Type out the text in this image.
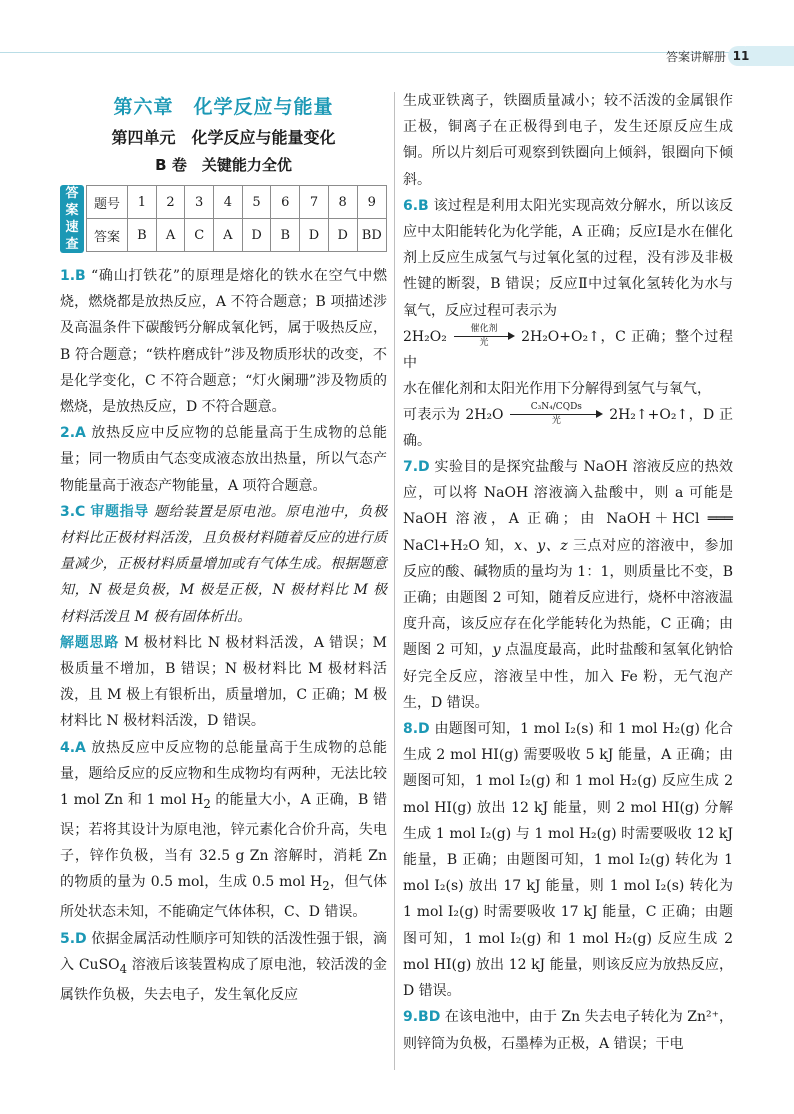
答案讲解册 11
第六章　化学反应与能量
第四单元　化学反应与能量变化
B 卷　关键能力全优
答案速查
题号	1	2	3	4	5	6	7	8	9
答案	B	A	C	A	D	B	D	D	BD

1.B “确山打铁花”的原理是熔化的铁水在空气中燃烧，燃烧都是放热反应，A 不符合题意；B 项描述涉及高温条件下碳酸钙分解成氧化钙，属于吸热反应，B 符合题意；“铁杵磨成针”涉及物质形状的改变，不是化学变化，C 不符合题意；“灯火阑珊”涉及物质的燃烧，是放热反应，D 不符合题意。

2.A 放热反应中反应物的总能量高于生成物的总能量；同一物质由气态变成液态放出热量，所以气态产物能量高于液态产物能量，A 项符合题意。

3.C 审题指导 题给装置是原电池。原电池中，负极材料比正极材料活泼，且负极材料随着反应的进行质量减少，正极材料质量增加或有气体生成。根据题意知，N 极是负极，M 极是正极，N 极材料比 M 极材料活泼且 M 极有固体析出。

解题思路 M 极材料比 N 极材料活泼，A 错误；M 极质量不增加，B 错误；N 极材料比 M 极材料活泼，且 M 极上有银析出，质量增加，C 正确；M 极材料比 N 极材料活泼，D 错误。

4.A 放热反应中反应物的总能量高于生成物的总能量，题给反应的反应物和生成物均有两种，无法比较 1 mol Zn 和 1 mol $H_2$ 的能量大小，A 正确，B 错误；若将其设计为原电池，锌元素化合价升高，失电子，锌作负极，当有 32.5 g Zn 溶解时，消耗 Zn 的物质的量为 0.5 mol，生成 0.5 mol $H_2$，但气体所处状态未知，不能确定气体体积，C、D 错误。

5.D 依据金属活动性顺序可知铁的活泼性强于银，滴入 CuSO$_4$ 溶液后该装置构成了原电池，较活泼的金属铁作负极，失去电子，发生氧化反应

生成亚铁离子，铁圈质量减小；较不活泼的金属银作正极，铜离子在正极得到电子，发生还原反应生成铜。所以片刻后可观察到铁圈向上倾斜，银圈向下倾斜。

6.B 该过程是利用太阳光实现高效分解水，所以该反应中太阳能转化为化学能，A 正确；反应Ⅰ是水在催化剂上反应生成氢气与过氧化氢的过程，没有涉及非极性键的断裂，B 错误；反应Ⅱ中过氧化氢转化为水与氧气，反应过程可表示为

2H₂O₂	催化剂
光	2H₂O+O₂↑，C 正确；整个过程中

水在催化剂和太阳光作用下分解得到氢气与氧气，

可表示为 2H₂O	C₃N₄/CQDs
光	2H₂↑+O₂↑，D 正确。

7.D 实验目的是探究盐酸与 NaOH 溶液反应的热效应，可以将 NaOH 溶液滴入盐酸中，则 a 可能是 NaOH 溶液，A 正确；由 NaOH＋HCl ═══ NaCl+H₂O 知，x、y、z 三点对应的溶液中，参加反应的酸、碱物质的量均为 1：1，则质量比不变，B 正确；由题图 2 可知，随着反应进行，烧杯中溶液温度升高，该反应存在化学能转化为热能，C 正确；由题图 2 可知，y 点温度最高，此时盐酸和氢氧化钠恰好完全反应，溶液呈中性，加入 Fe 粉，无气泡产生，D 错误。

8.D 由题图可知，1 mol I₂(s) 和 1 mol H₂(g) 化合生成 2 mol HI(g) 需要吸收 5 kJ 能量，A 正确；由题图可知，1 mol I₂(g) 和 1 mol H₂(g) 反应生成 2 mol HI(g) 放出 12 kJ 能量，则 2 mol HI(g) 分解生成 1 mol I₂(g) 与 1 mol H₂(g) 时需要吸收 12 kJ 能量，B 正确；由题图可知，1 mol I₂(g) 转化为 1 mol I₂(s) 放出 17 kJ 能量，则 1 mol I₂(s) 转化为 1 mol I₂(g) 时需要吸收 17 kJ 能量，C 正确；由题图可知，1 mol I₂(g) 和 1 mol H₂(g) 反应生成 2 mol HI(g) 放出 12 kJ 能量，则该反应为放热反应，D 错误。

9.BD 在该电池中，由于 Zn 失去电子转化为 Zn²⁺，则锌筒为负极，石墨棒为正极，A 错误；干电
